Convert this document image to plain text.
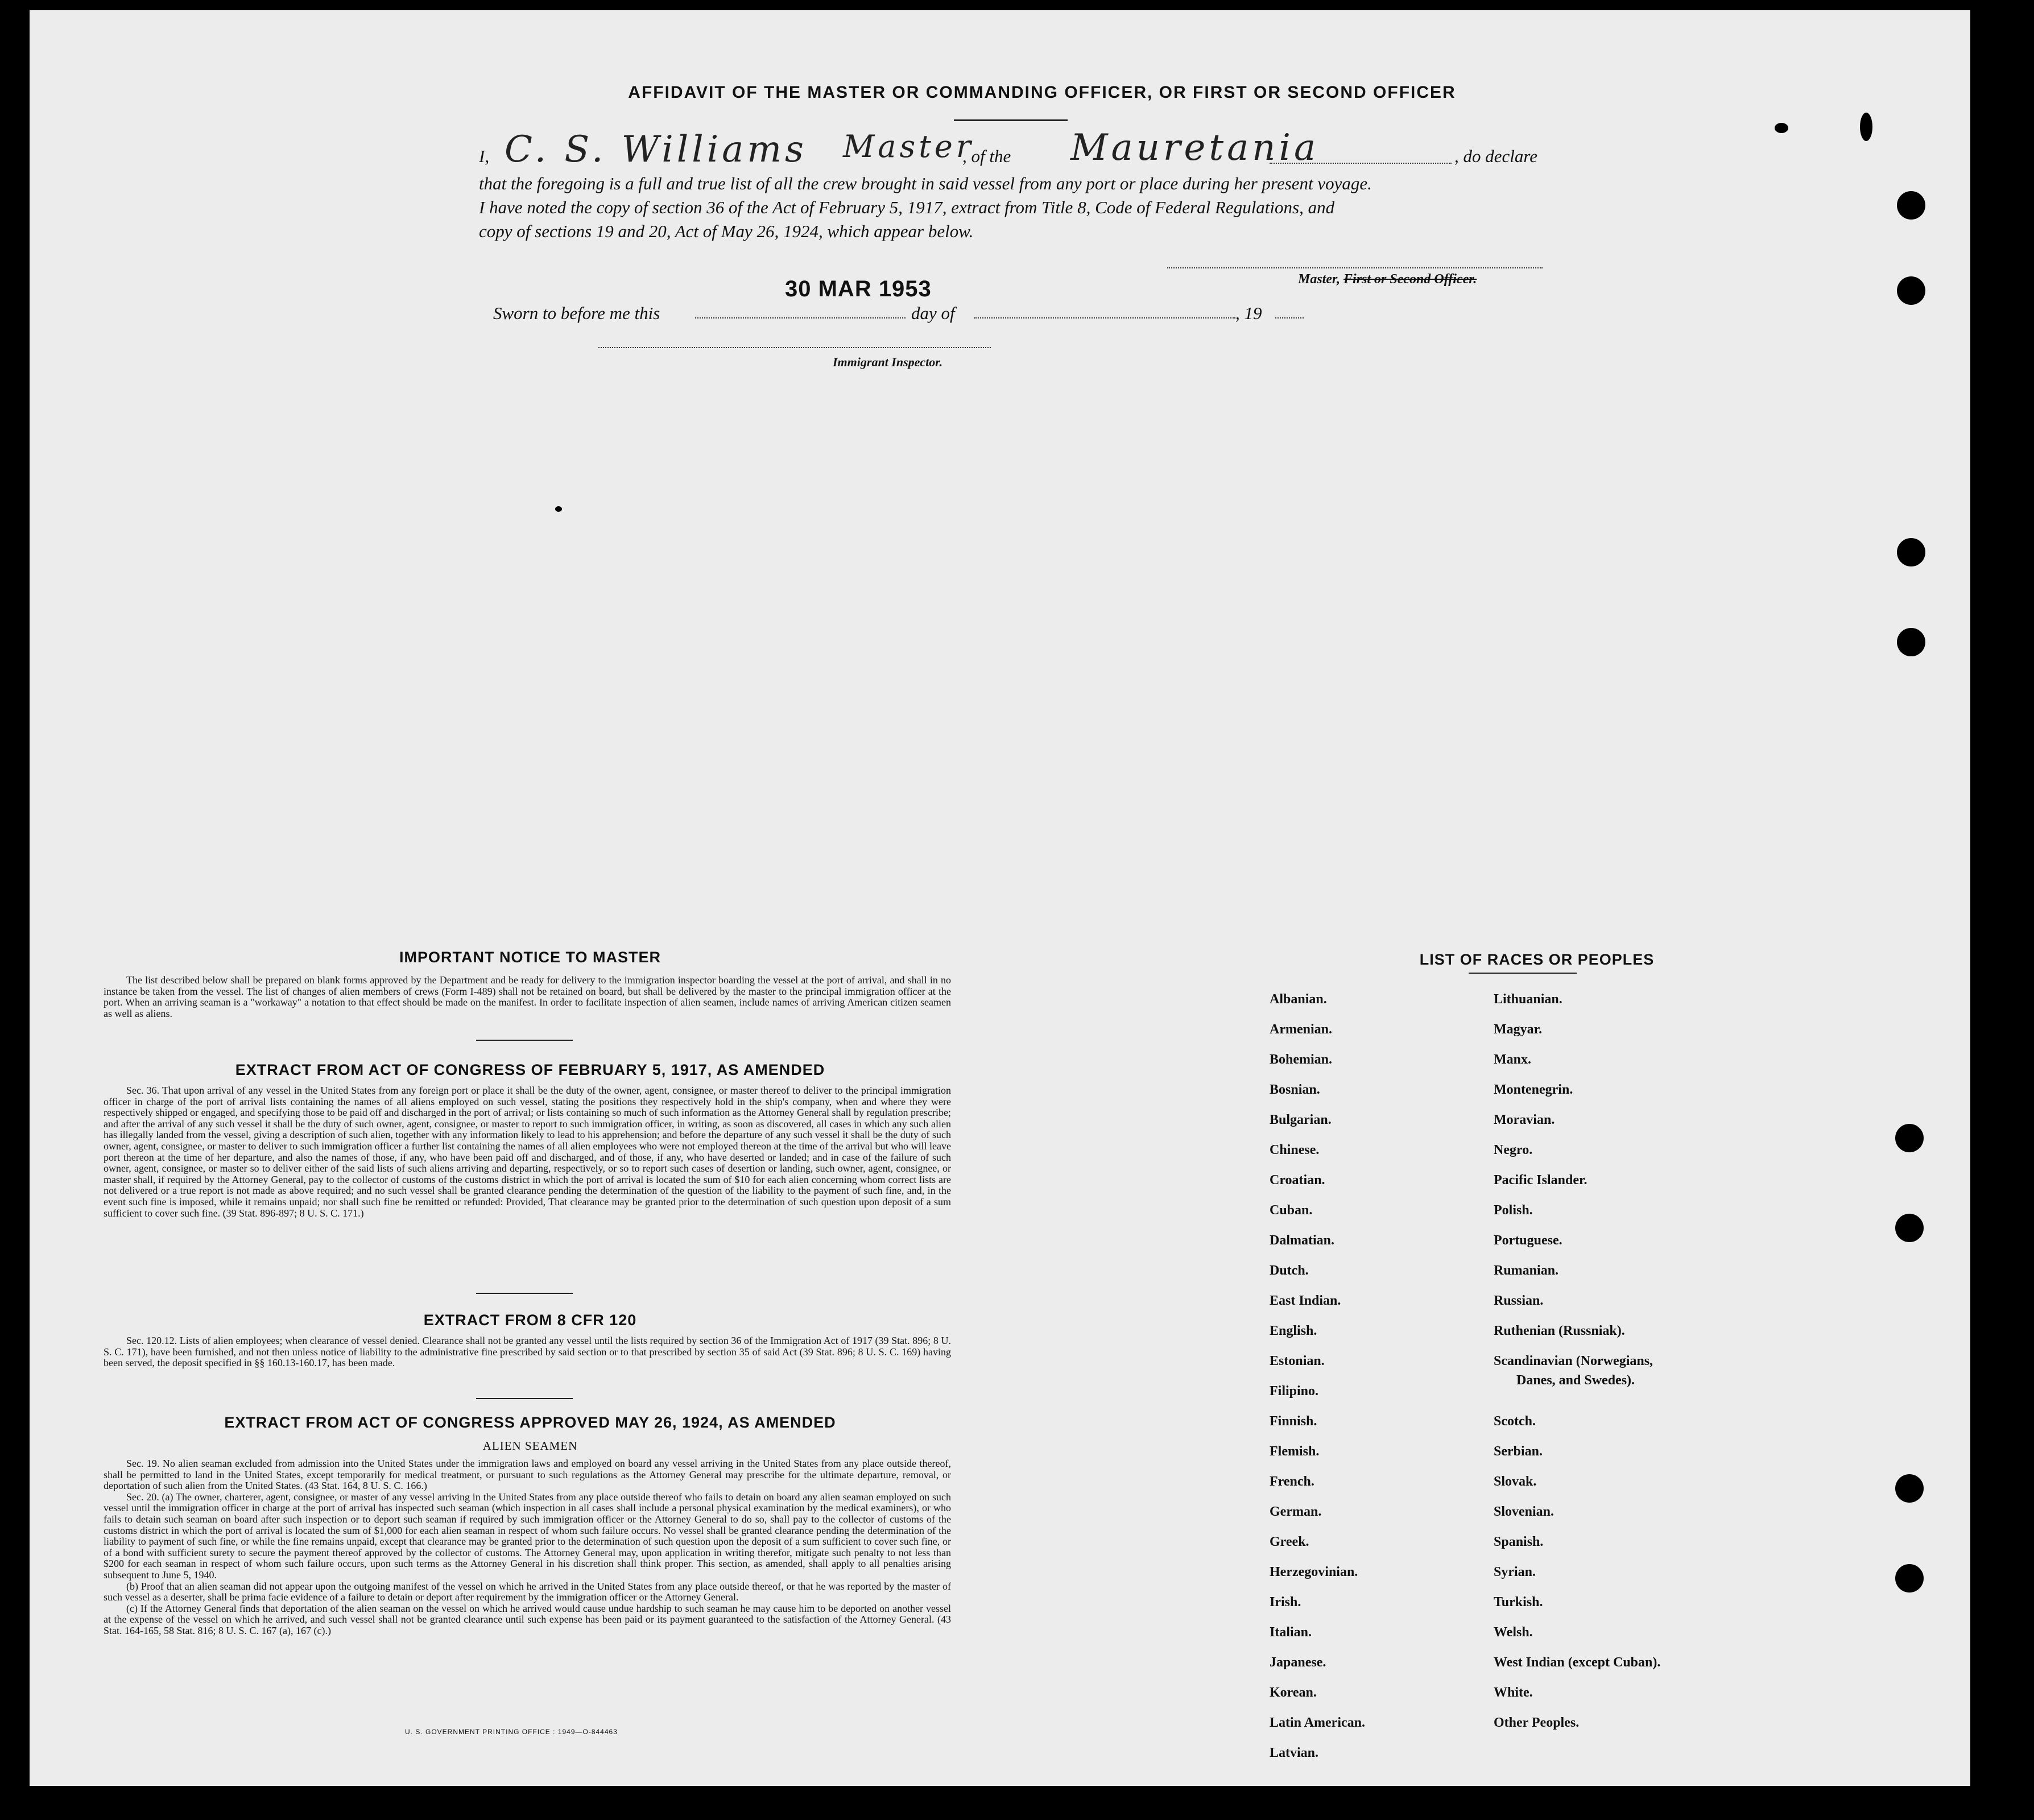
AFFIDAVIT OF THE MASTER OR COMMANDING OFFICER, OR FIRST OR SECOND OFFICER
I, C. S. Williams Master
, of the	Mauretania	, do declare
that the foregoing is a full and true list of all the crew brought in said vessel from any port or place during her present voyage.
I have noted the copy of section 36 of the Act of February 5, 1917, extract from Title 8, Code of Federal Regulations, and
copy of sections 19 and 20, Act of May 26, 1924, which appear below.
Master, First or Second Officer.
30 MAR 1953
Sworn to before me this	day of	, 19
Immigrant Inspector.
IMPORTANT NOTICE TO MASTER

The list described below shall be prepared on blank forms approved by the Department and be ready for delivery to the immigration inspector boarding the vessel at the port of arrival, and shall in no instance be taken from the vessel. The list of changes of alien members of crews (Form I-489) shall not be retained on board, but shall be delivered by the master to the principal immigration officer at the port. When an arriving seaman is a "workaway" a notation to that effect should be made on the manifest. In order to facilitate inspection of alien seamen, include names of arriving American citizen seamen as well as aliens.

EXTRACT FROM ACT OF CONGRESS OF FEBRUARY 5, 1917, AS AMENDED

Sec. 36. That upon arrival of any vessel in the United States from any foreign port or place it shall be the duty of the owner, agent, consignee, or master thereof to deliver to the principal immigration officer in charge of the port of arrival lists containing the names of all aliens employed on such vessel, stating the positions they respectively hold in the ship's company, when and where they were respectively shipped or engaged, and specifying those to be paid off and discharged in the port of arrival; or lists containing so much of such information as the Attorney General shall by regulation prescribe; and after the arrival of any such vessel it shall be the duty of such owner, agent, consignee, or master to report to such immigration officer, in writing, as soon as discovered, all cases in which any such alien has illegally landed from the vessel, giving a description of such alien, together with any information likely to lead to his apprehension; and before the departure of any such vessel it shall be the duty of such owner, agent, consignee, or master to deliver to such immigration officer a further list containing the names of all alien employees who were not employed thereon at the time of the arrival but who will leave port thereon at the time of her departure, and also the names of those, if any, who have been paid off and discharged, and of those, if any, who have deserted or landed; and in case of the failure of such owner, agent, consignee, or master so to deliver either of the said lists of such aliens arriving and departing, respectively, or so to report such cases of desertion or landing, such owner, agent, consignee, or master shall, if required by the Attorney General, pay to the collector of customs of the customs district in which the port of arrival is located the sum of $10 for each alien concerning whom correct lists are not delivered or a true report is not made as above required; and no such vessel shall be granted clearance pending the determination of the question of the liability to the payment of such fine, and, in the event such fine is imposed, while it remains unpaid; nor shall such fine be remitted or refunded: Provided, That clearance may be granted prior to the determination of such question upon deposit of a sum sufficient to cover such fine. (39 Stat. 896-897; 8 U. S. C. 171.)

EXTRACT FROM 8 CFR 120

Sec. 120.12. Lists of alien employees; when clearance of vessel denied. Clearance shall not be granted any vessel until the lists required by section 36 of the Immigration Act of 1917 (39 Stat. 896; 8 U. S. C. 171), have been furnished, and not then unless notice of liability to the administrative fine prescribed by said section or to that prescribed by section 35 of said Act (39 Stat. 896; 8 U. S. C. 169) having been served, the deposit specified in §§ 160.13-160.17, has been made.

EXTRACT FROM ACT OF CONGRESS APPROVED MAY 26, 1924, AS AMENDED
ALIEN SEAMEN

Sec. 19. No alien seaman excluded from admission into the United States under the immigration laws and employed on board any vessel arriving in the United States from any place outside thereof, shall be permitted to land in the United States, except temporarily for medical treatment, or pursuant to such regulations as the Attorney General may prescribe for the ultimate departure, removal, or deportation of such alien from the United States. (43 Stat. 164, 8 U. S. C. 166.)

Sec. 20. (a) The owner, charterer, agent, consignee, or master of any vessel arriving in the United States from any place outside thereof who fails to detain on board any alien seaman employed on such vessel until the immigration officer in charge at the port of arrival has inspected such seaman (which inspection in all cases shall include a personal physical examination by the medical examiners), or who fails to detain such seaman on board after such inspection or to deport such seaman if required by such immigration officer or the Attorney General to do so, shall pay to the collector of customs of the customs district in which the port of arrival is located the sum of $1,000 for each alien seaman in respect of whom such failure occurs. No vessel shall be granted clearance pending the determination of the liability to payment of such fine, or while the fine remains unpaid, except that clearance may be granted prior to the determination of such question upon the deposit of a sum sufficient to cover such fine, or of a bond with sufficient surety to secure the payment thereof approved by the collector of customs. The Attorney General may, upon application in writing therefor, mitigate such penalty to not less than $200 for each seaman in respect of whom such failure occurs, upon such terms as the Attorney General in his discretion shall think proper. This section, as amended, shall apply to all penalties arising subsequent to June 5, 1940.

(b) Proof that an alien seaman did not appear upon the outgoing manifest of the vessel on which he arrived in the United States from any place outside thereof, or that he was reported by the master of such vessel as a deserter, shall be prima facie evidence of a failure to detain or deport after requirement by the immigration officer or the Attorney General.

(c) If the Attorney General finds that deportation of the alien seaman on the vessel on which he arrived would cause undue hardship to such seaman he may cause him to be deported on another vessel at the expense of the vessel on which he arrived, and such vessel shall not be granted clearance until such expense has been paid or its payment guaranteed to the satisfaction of the Attorney General. (43 Stat. 164-165, 58 Stat. 816; 8 U. S. C. 167 (a), 167 (c).)

U. S. GOVERNMENT PRINTING OFFICE : 1949—O-844463
LIST OF RACES OR PEOPLES
Albanian.
Armenian.
Bohemian.
Bosnian.
Bulgarian.
Chinese.
Croatian.
Cuban.
Dalmatian.
Dutch.
East Indian.
English.
Estonian.
Filipino.
Finnish.
Flemish.
French.
German.
Greek.
Herzegovinian.
Irish.
Italian.
Japanese.
Korean.
Latin American.
Latvian.
Lithuanian.
Magyar.
Manx.
Montenegrin.
Moravian.
Negro.
Pacific Islander.
Polish.
Portuguese.
Rumanian.
Russian.
Ruthenian (Russniak).
Scandinavian (Norwegians,
Danes, and Swedes).
Scotch.
Serbian.
Slovak.
Slovenian.
Spanish.
Syrian.
Turkish.
Welsh.
West Indian (except Cuban).
White.
Other Peoples.
